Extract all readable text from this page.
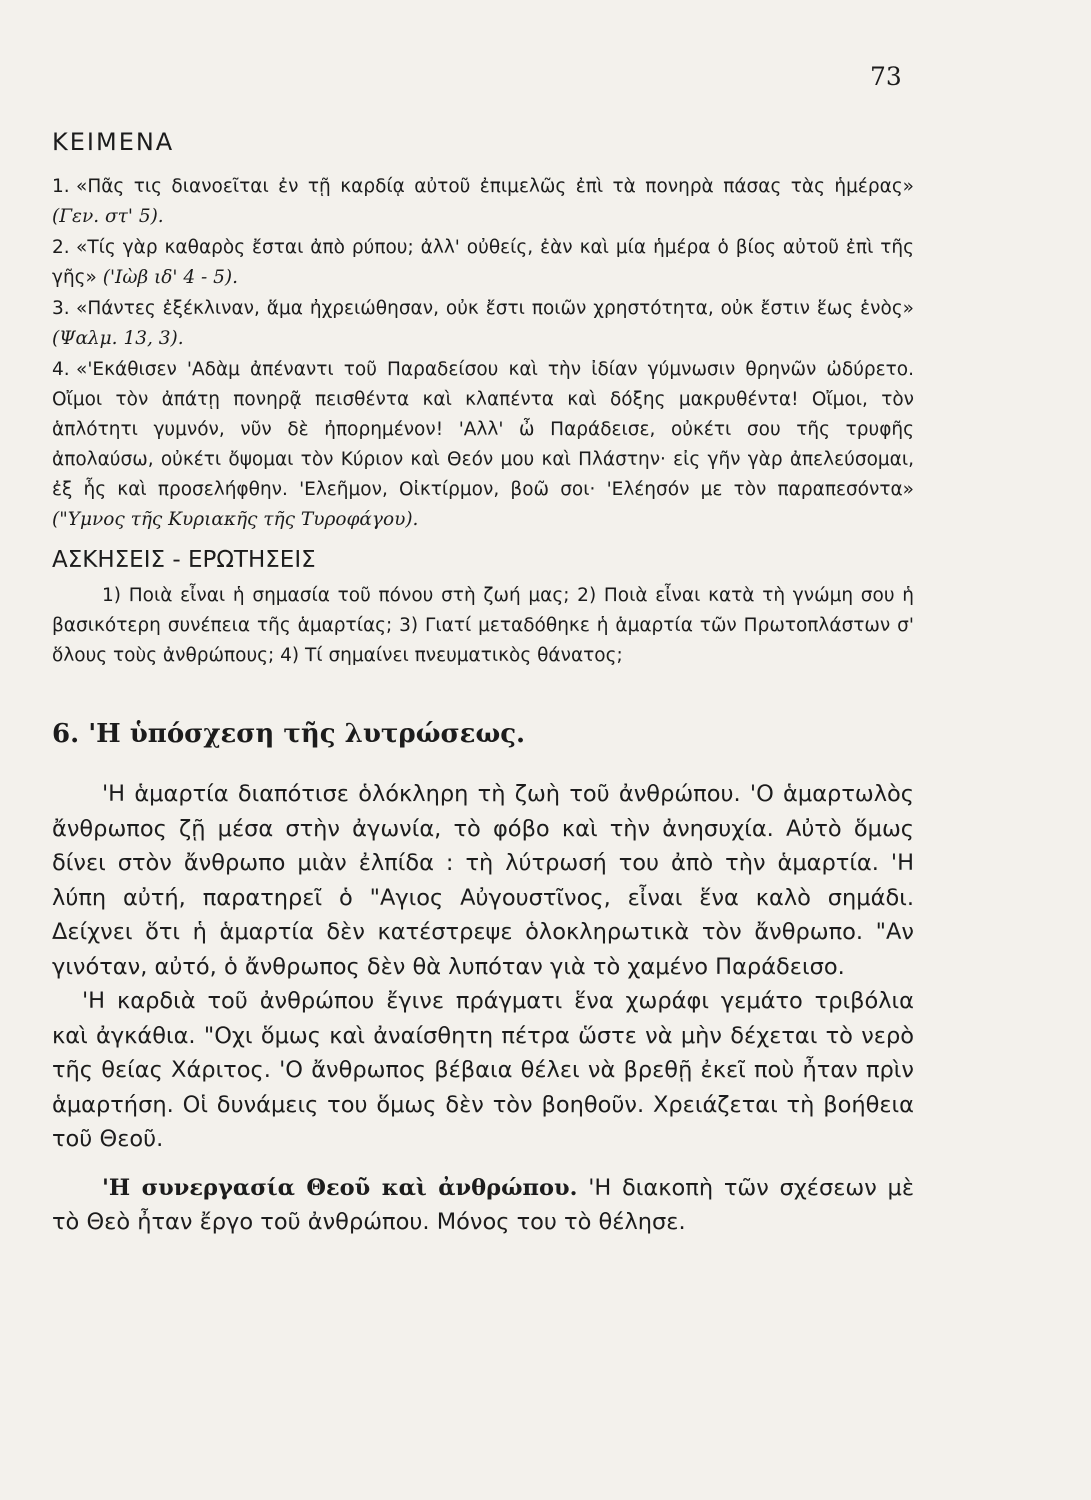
73
ΚΕΙΜΕΝΑ
1. «Πᾶς τις διανοεῖται ἐν τῇ καρδίᾳ αὐτοῦ ἐπιμελῶς ἐπὶ τὰ πονηρὰ πάσας τὰς ἡμέρας» (Γεν. στ' 5).
2. «Τίς γὰρ καθαρὸς ἔσται ἀπὸ ρύπου; ἀλλ' οὐθείς, ἐὰν καὶ μία ἡμέρα ὁ βίος αὐτοῦ ἐπὶ τῆς γῆς» ('Ιὼβ ιδ' 4 - 5).
3. «Πάντες ἐξέκλιναν, ἅμα ἠχρειώθησαν, οὐκ ἔστι ποιῶν χρηστότητα, οὐκ ἔστιν ἕως ἑνὸς» (Ψαλμ. 13, 3).
4. «'Εκάθισεν 'Αδὰμ ἀπέναντι τοῦ Παραδείσου καὶ τὴν ἰδίαν γύμνωσιν θρηνῶν ὠδύρετο. Οἴμοι τὸν ἀπάτῃ πονηρᾷ πεισθέντα καὶ κλαπέντα καὶ δόξης μακρυθέντα! Οἴμοι, τὸν ἁπλότητι γυμνόν, νῦν δὲ ἠπορημένον! 'Αλλ' ὦ Παράδεισε, οὐκέτι σου τῆς τρυφῆς ἀπολαύσω, οὐκέτι ὄψομαι τὸν Κύριον καὶ Θεόν μου καὶ Πλάστην· εἰς γῆν γὰρ ἀπελεύσομαι, ἐξ ἧς καὶ προσελήφθην. 'Ελεῆμον, Οἰκτίρμον, βοῶ σοι· 'Ελέησόν με τὸν παραπεσόντα» ("Υμνος τῆς Κυριακῆς τῆς Τυροφάγου).
ΑΣΚΗΣΕΙΣ - ΕΡΩΤΗΣΕΙΣ

1) Ποιὰ εἶναι ἡ σημασία τοῦ πόνου στὴ ζωή μας; 2) Ποιὰ εἶναι κατὰ τὴ γνώμη σου ἡ βασικότερη συνέπεια τῆς ἁμαρτίας; 3) Γιατί μεταδόθηκε ἡ ἁμαρτία τῶν Πρωτοπλάστων σ' ὅλους τοὺς ἀνθρώπους; 4) Τί σημαίνει πνευματικὸς θάνατος;

6. 'Η ὑπόσχεση τῆς λυτρώσεως.

'Η ἁμαρτία διαπότισε ὁλόκληρη τὴ ζωὴ τοῦ ἀνθρώπου. 'Ο ἁμαρτωλὸς ἄνθρωπος ζῇ μέσα στὴν ἀγωνία, τὸ φόβο καὶ τὴν ἀνησυχία. Αὐτὸ ὅμως δίνει στὸν ἄνθρωπο μιὰν ἐλπίδα : τὴ λύτρωσή του ἀπὸ τὴν ἁμαρτία. 'Η λύπη αὐτή, παρατηρεῖ ὁ "Αγιος Αὐγουστῖνος, εἶναι ἕνα καλὸ σημάδι. Δείχνει ὅτι ἡ ἁμαρτία δὲν κατέστρεψε ὁλοκληρωτικὰ τὸν ἄνθρωπο. "Αν γινόταν, αὐτό, ὁ ἄνθρωπος δὲν θὰ λυπόταν γιὰ τὸ χαμένο Παράδεισο.

'Η καρδιὰ τοῦ ἀνθρώπου ἔγινε πράγματι ἕνα χωράφι γεμάτο τριβόλια καὶ ἀγκάθια. "Οχι ὅμως καὶ ἀναίσθητη πέτρα ὥστε νὰ μὴν δέχεται τὸ νερὸ τῆς θείας Χάριτος. 'Ο ἄνθρωπος βέβαια θέλει νὰ βρεθῇ ἐκεῖ ποὺ ἦταν πρὶν ἁμαρτήση. Οἱ δυνάμεις του ὅμως δὲν τὸν βοηθοῦν. Χρειάζεται τὴ βοήθεια τοῦ Θεοῦ.

'Η συνεργασία Θεοῦ καὶ ἀνθρώπου. 'Η διακοπὴ τῶν σχέσεων μὲ τὸ Θεὸ ἦταν ἔργο τοῦ ἀνθρώπου. Μόνος του τὸ θέλησε.
